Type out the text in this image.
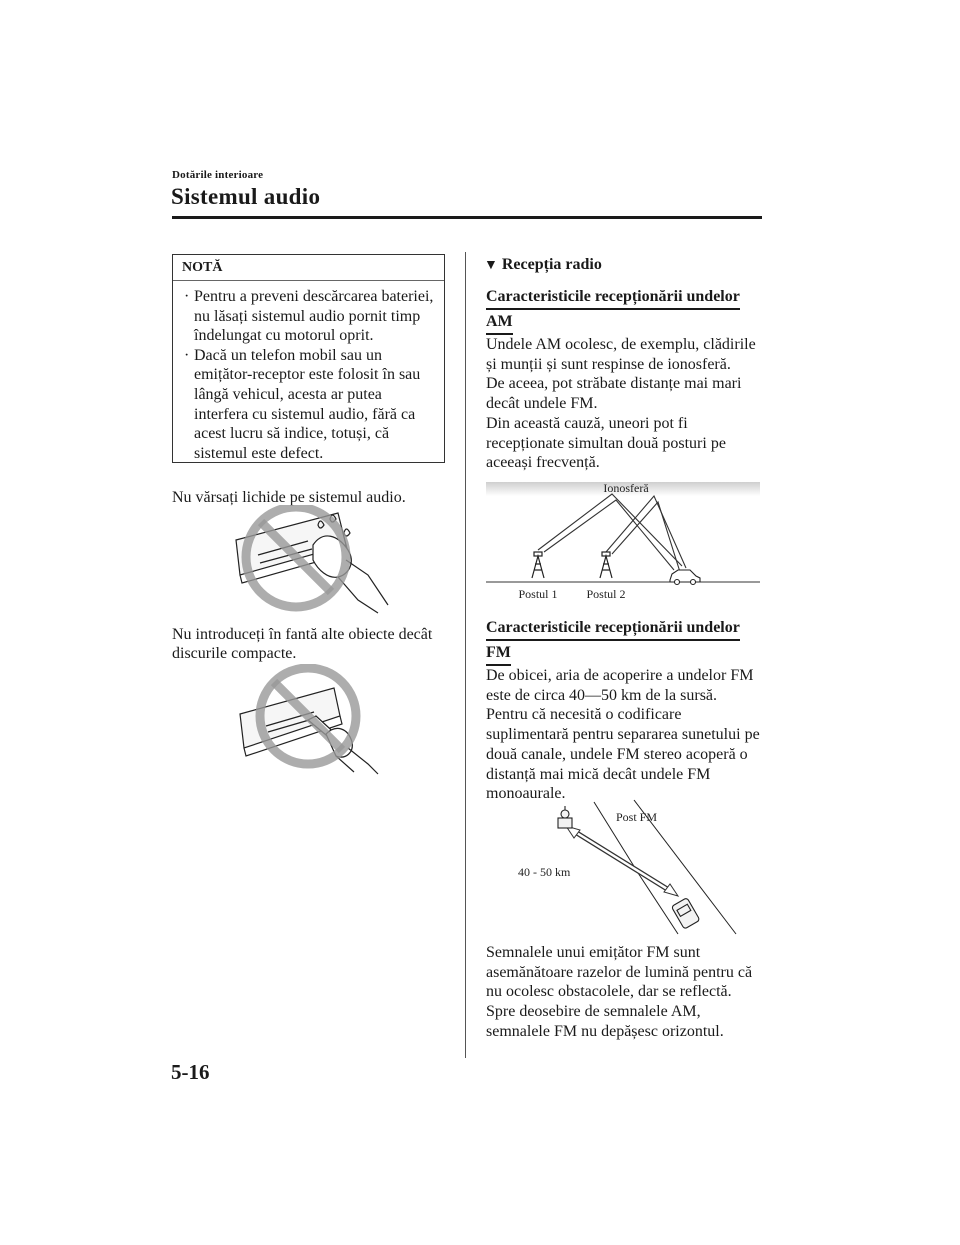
Dotările interioare
Sistemul audio
NOTĂ
· Pentru a preveni descărcarea bateriei, nu lăsați sistemul audio pornit timp îndelungat cu motorul oprit.
· Dacă un telefon mobil sau un emițător-receptor este folosit în sau lângă vehicul, acesta ar putea interfera cu sistemul audio, fără ca acest lucru să indice, totuși, că sistemul este defect.
Nu vărsați lichide pe sistemul audio.
Nu introduceți în fantă alte obiecte decât
discurile compacte.
▼ Recepția radio
Caracteristicile recepționării undelor
AM
Undele AM ocolesc, de exemplu, clădirile
și munții și sunt respinse de ionosferă.
De aceea, pot străbate distanțe mai mari
decât undele FM.
Din această cauză, uneori pot fi
recepționate simultan două posturi pe
aceeași frecvență.
Ionosferă
Postul 1 Postul 2
Caracteristicile recepționării undelor
FM
De obicei, aria de acoperire a undelor FM
este de circa 40―50 km de la sursă.
Pentru că necesită o codificare
suplimentară pentru separarea sunetului pe
două canale, undele FM stereo acoperă o
distanță mai mică decât undele FM
monoaurale.
Post FM
40 - 50 km
Semnalele unui emițător FM sunt
asemănătoare razelor de lumină pentru că
nu ocolesc obstacolele, dar se reflectă.
Spre deosebire de semnalele AM,
semnalele FM nu depășesc orizontul.
5-16
